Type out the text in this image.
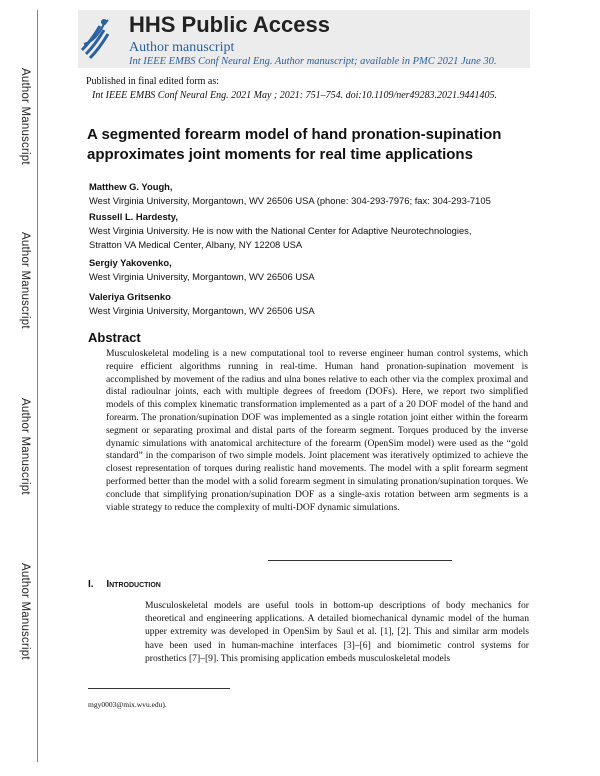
Author Manuscript
Author Manuscript
Author Manuscript
Author Manuscript
HHS Public Access
Author manuscript
Int IEEE EMBS Conf Neural Eng. Author manuscript; available in PMC 2021 June 30.
Published in final edited form as:
Int IEEE EMBS Conf Neural Eng. 2021 May ; 2021: 751–754. doi:10.1109/ner49283.2021.9441405.
A segmented forearm model of hand pronation-supination approximates joint moments for real time applications
Matthew G. Yough,
West Virginia University, Morgantown, WV 26506 USA (phone: 304-293-7976; fax: 304-293-7105
Russell L. Hardesty,
West Virginia University. He is now with the National Center for Adaptive Neurotechnologies, Stratton VA Medical Center, Albany, NY 12208 USA
Sergiy Yakovenko,
West Virginia University, Morgantown, WV 26506 USA
Valeriya Gritsenko
West Virginia University, Morgantown, WV 26506 USA
Abstract
Musculoskeletal modeling is a new computational tool to reverse engineer human control systems, which require efficient algorithms running in real-time. Human hand pronation-supination movement is accomplished by movement of the radius and ulna bones relative to each other via the complex proximal and distal radioulnar joints, each with multiple degrees of freedom (DOFs). Here, we report two simplified models of this complex kinematic transformation implemented as a part of a 20 DOF model of the hand and forearm. The pronation/supination DOF was implemented as a single rotation joint either within the forearm segment or separating proximal and distal parts of the forearm segment. Torques produced by the inverse dynamic simulations with anatomical architecture of the forearm (OpenSim model) were used as the “gold standard” in the comparison of two simple models. Joint placement was iteratively optimized to achieve the closest representation of torques during realistic hand movements. The model with a split forearm segment performed better than the model with a solid forearm segment in simulating pronation/supination torques. We conclude that simplifying pronation/supination DOF as a single-axis rotation between arm segments is a viable strategy to reduce the complexity of multi-DOF dynamic simulations.
I. Introduction
Musculoskeletal models are useful tools in bottom-up descriptions of body mechanics for theoretical and engineering applications. A detailed biomechanical dynamic model of the human upper extremity was developed in OpenSim by Saul et al. [1], [2]. This and similar arm models have been used in human-machine interfaces [3]–[6] and biomimetic control systems for prosthetics [7]–[9]. This promising application embeds musculoskeletal models
mgy0003@mix.wvu.edu).
